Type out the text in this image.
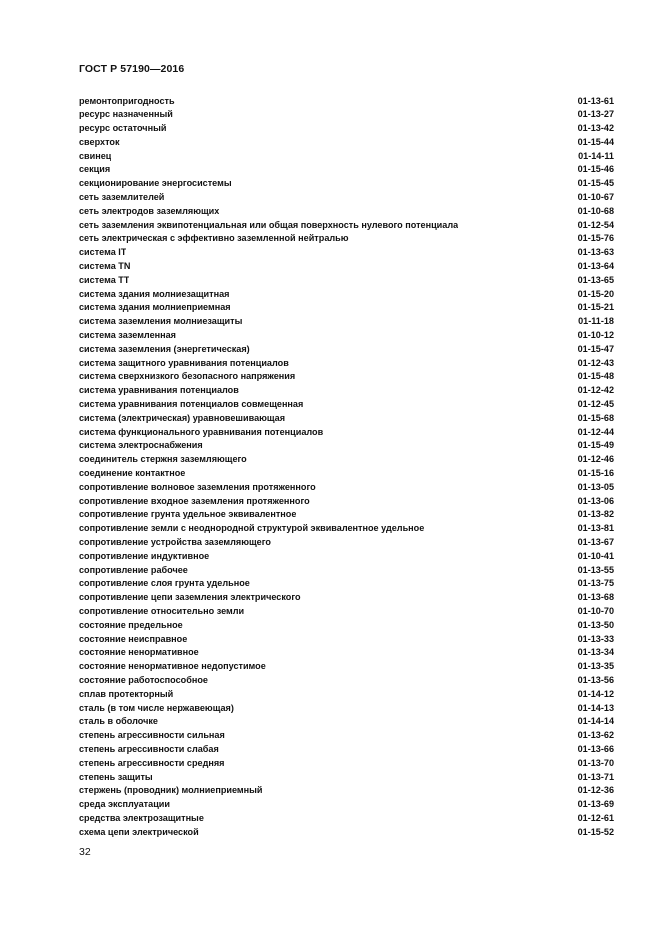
ГОСТ Р 57190—2016
ремонтопригодность	01-13-61
ресурс назначенный	01-13-27
ресурс остаточный	01-13-42
сверхток	01-15-44
свинец	01-14-11
секция	01-15-46
секционирование энергосистемы	01-15-45
сеть заземлителей	01-10-67
сеть электродов заземляющих	01-10-68
сеть заземления эквипотенциальная или общая поверхность нулевого потенциала	01-12-54
сеть электрическая с эффективно заземленной нейтралью	01-15-76
система IT	01-13-63
система TN	01-13-64
система TT	01-13-65
система здания молниезащитная	01-15-20
система здания молниеприемная	01-15-21
система заземления молниезащиты	01-11-18
система заземленная	01-10-12
система заземления (энергетическая)	01-15-47
система защитного уравнивания потенциалов	01-12-43
система сверхнизкого безопасного напряжения	01-15-48
система уравнивания потенциалов	01-12-42
система уравнивания потенциалов совмещенная	01-12-45
система (электрическая) уравновешивающая	01-15-68
система функционального уравнивания потенциалов	01-12-44
система электроснабжения	01-15-49
соединитель стержня заземляющего	01-12-46
соединение контактное	01-15-16
сопротивление волновое заземления протяженного	01-13-05
сопротивление входное заземления протяженного	01-13-06
сопротивление грунта удельное эквивалентное	01-13-82
сопротивление земли с неоднородной структурой эквивалентное удельное	01-13-81
сопротивление устройства заземляющего	01-13-67
сопротивление индуктивное	01-10-41
сопротивление рабочее	01-13-55
сопротивление слоя грунта удельное	01-13-75
сопротивление цепи заземления электрического	01-13-68
сопротивление относительно земли	01-10-70
состояние предельное	01-13-50
состояние неисправное	01-13-33
состояние ненормативное	01-13-34
состояние ненормативное недопустимое	01-13-35
состояние работоспособное	01-13-56
сплав протекторный	01-14-12
сталь (в том числе нержавеющая)	01-14-13
сталь в оболочке	01-14-14
степень агрессивности сильная	01-13-62
степень агрессивности слабая	01-13-66
степень агрессивности средняя	01-13-70
степень защиты	01-13-71
стержень (проводник) молниеприемный	01-12-36
среда эксплуатации	01-13-69
средства электрозащитные	01-12-61
схема цепи электрической	01-15-52
32
